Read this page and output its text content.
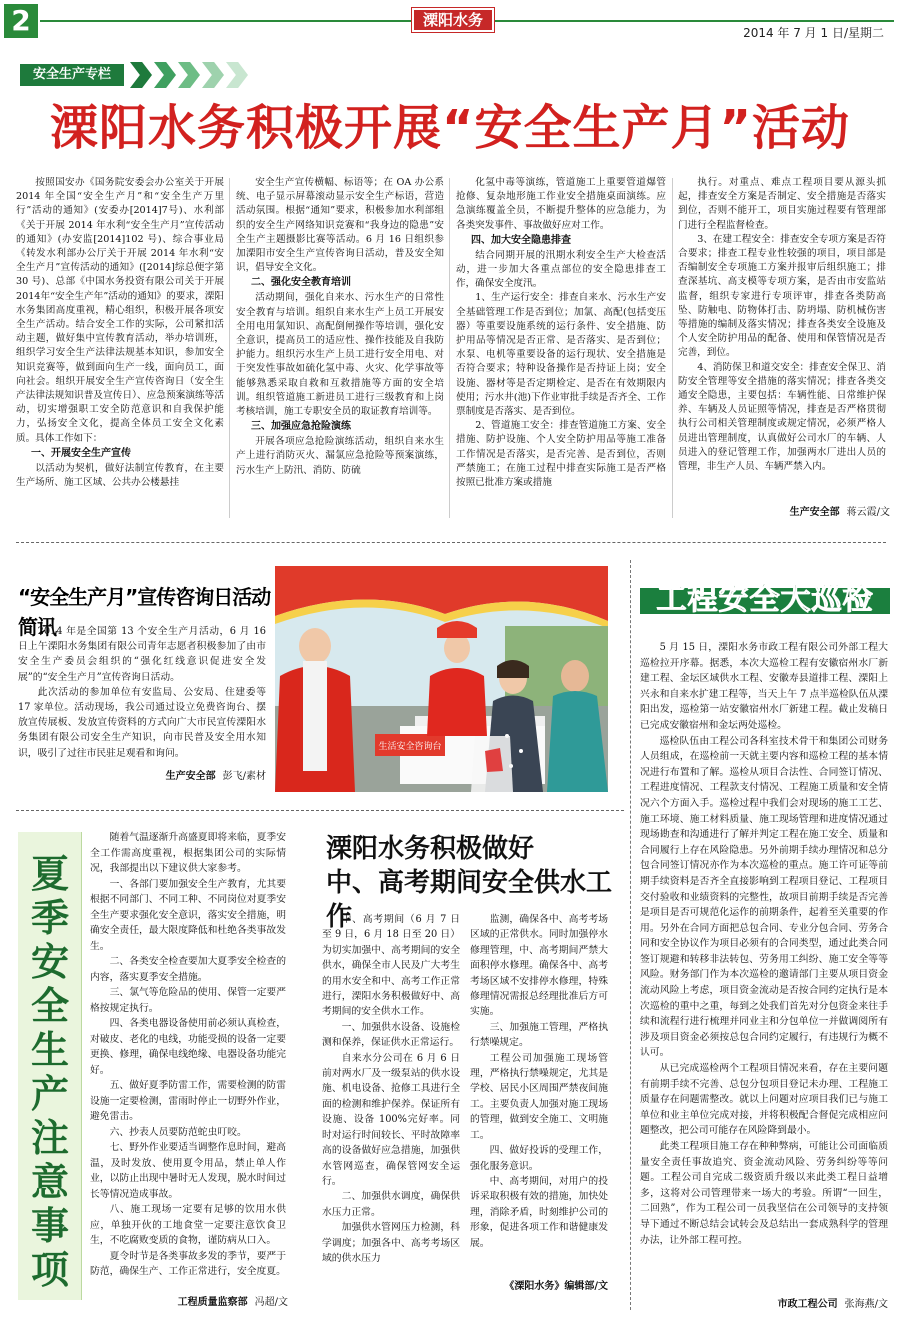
2	溧阳水务
2014 年 7 月 1 日/星期二
安全生产专栏
溧阳水务积极开展“安全生产月”活动

按照国安办《国务院安委会办公室关于开展 2014 年全国“安全生产月”和“安全生产万里行”活动的通知》(安委办[2014]7号)、水利部《关于开展 2014 年水利“安全生产月”宣传活动的通知》(办安监[2014]102 号)、综合事业局《转发水利部办公厅关于开展 2014 年水利“安全生产月”宣传活动的通知》([2014]综总便字第 30 号)、总部《中国水务投资有限公司关于开展 2014年“安全生产年”活动的通知》的要求，溧阳水务集团高度重视，精心组织，积极开展各项安全生产活动。结合安全工作的实际，公司紧扣活动主题，做好集中宣传教育活动，举办培训班，组织学习安全生产法律法规基本知识，参加安全知识竞赛等，做到面向生产一线，面向员工，面向社会。组织开展安全生产宣传咨询日（安全生产法律法规知识普及宣传日）、应急预案演练等活动，切实增强职工安全防范意识和自我保护能力，弘扬安全文化，提高全体员工安全文化素质。具体工作如下：

一、开展安全生产宣传

以活动为契机，做好法制宣传教育，在主要生产场所、施工区域、公共办公楼悬挂

安全生产宣传横幅、标语等；在 OA 办公系统、电子显示屏幕滚动显示安全生产标语，营造活动氛围。根据“通知”要求，积极参加水利部组织的安全生产网络知识竞赛和“我身边的隐患”安全生产主题摄影比赛等活动。6 月 16 日组织参加溧阳市安全生产宣传咨询日活动，普及安全知识，倡导安全文化。

二、强化安全教育培训

活动期间，强化自来水、污水生产的日常性安全教育与培训。组织自来水生产上员工开展安全用电用氯知识、高配倒闸操作等培训，强化安全意识，提高员工的适应性、操作技能及自我防护能力。组织污水生产上员工进行安全用电、对于突发性事故如硫化氢中毒、火灾、化学事故等能够熟悉采取自救和互救措施等方面的安全培训。组织管道施工新进员工进行三级教育和上岗考核培训，施工专职安全员的取证教育培训等。

三、加强应急抢险演练

开展各项应急抢险演练活动，组织自来水生产上进行消防灭火、漏氯应急抢险等预案演练，污水生产上防汛、消防、防硫

化氢中毒等演练，管道施工上重要管道爆管抢修、复杂地形施工作业安全措施桌面演练。应急演练覆盖全员，不断提升整体的应急能力，为各类突发事件、事故做好应对工作。

四、加大安全隐患排查

结合同期开展的汛期水利安全生产大检查活动，进一步加大各重点部位的安全隐患排查工作，确保安全度汛。

1、生产运行安全：排查自来水、污水生产安全基础管理工作是否到位；加氯、高配(包括变压器）等重要设施系统的运行条件、安全措施、防护用品等情况是否正常、是否落实、是否到位；水泵、电机等重要设备的运行现状、安全措施是否符合要求；特种设备操作是否持证上岗；安全设施、器材等是否定期检定、是否在有效期限内使用；污水井(池)下作业审批手续是否齐全、工作票制度是否落实、是否到位。

2、管道施工安全：排查管道施工方案、安全措施、防护设施、个人安全防护用品等施工准备工作情况是否落实，是否完善、是否到位，否则严禁施工；在施工过程中排查实际施工是否严格按照已批准方案或措施

执行。对重点、难点工程项目要从源头抓起，排查安全方案是否制定、安全措施是否落实到位，否则不能开工，项目实施过程要有管理部门进行全程监督检查。

3、在建工程安全：排查安全专项方案是否符合要求；排查工程专业性较强的项目，项目部是否编制安全专项施工方案并报审后组织施工；排查深基坑、高支模等专项方案，是否由市安监站监督，组织专家进行专项评审，排查各类防高坠、防触电、防物体打击、防坍塌、防机械伤害等措施的编制及落实情况；排查各类安全设施及个人安全防护用品的配备、使用和保管情况是否完善，到位。

4、消防保卫和道交安全：排查安全保卫、消防安全管理等安全措施的落实情况；排查各类交通安全隐患，主要包括：车辆性能、日常维护保养、车辆及人员证照等情况，排查是否严格贯彻执行公司相关管理制度或规定情况，必须严格人员进出管理制度，认真做好公司水厂的车辆、人员进入的登记管理工作，加强两水厂进出人员的管理，非生产人员、车辆严禁入内。

生产安全部 蒋云霞/文
“安全生产月”宣传咨询日活动简讯

2014 年是全国第 13 个安全生产月活动，6 月 16 日上午溧阳水务集团有限公司青年志愿者积极参加了由市安全生产委员会组织的“强化红线意识促进安全发展”的“安全生产月”宣传咨询日活动。

此次活动的参加单位有安监局、公安局、住建委等 17 家单位。活动现场，我公司通过设立免费咨询台、摆放宣传展板、发放宣传资料的方式向广大市民宣传溧阳水务集团有限公司安全生产知识，向市民普及安全用水知识，吸引了过往市民驻足观看和询问。

生产安全部 彭飞/素材
生活安全咨询台
工程安全大巡检

5 月 15 日，溧阳水务市政工程有限公司外部工程大巡检拉开序幕。据悉，本次大巡检工程有安徽宿州水厂新建工程、金坛区域供水工程、安徽寿县道排工程、溧阳上兴永和自来水扩建工程等，当天上午 7 点半巡检队伍从溧阳出发，巡检第一站安徽宿州水厂新建工程。截止发稿日已完成安徽宿州和金坛两处巡检。

巡检队伍由工程公司各科室技术骨干和集团公司财务人员组成，在巡检前一天就主要内容和巡检工程的基本情况进行布置和了解。巡检从项目合法性、合同签订情况、工程进度情况、工程款支付情况、工程施工质量和安全情况六个方面入手。巡检过程中我们会对现场的施工工艺、施工环境、施工材料质量、施工现场管理和进度情况通过现场勘查和沟通进行了解并判定工程在施工安全、质量和合同履行上存在风险隐患。另外前期手续办理情况和总分包合同签订情况亦作为本次巡检的重点。施工许可证等前期手续资料是否齐全直接影响到工程项目登记、工程项目交付验收和业绩资料的完整性，故项目前期手续是否完善是项目是否可规范化运作的前期条件，起着至关重要的作用。另外在合同方面把总包合同、专业分包合同、劳务合同和安全协议作为项目必须有的合同类型，通过此类合同签订规避和转移非法转包、劳务用工纠纷、施工安全等等风险。财务部门作为本次巡检的邀请部门主要从项目资金流动风险上考虑，项目资金流动是否按合同约定执行是本次巡检的重中之重，每到之处我们首先对分包资金来往手续和流程行进行梳理并同业主和分包单位一并做调阅所有涉及项目资金必须按总包合同约定履行，有违规行为概不认可。

从已完成巡检两个工程项目情况来看，存在主要问题有前期手续不完善、总包分包项目登记未办理、工程施工质量存在问题需整改。就以上问题对应项目我们已与施工单位和业主单位完成对接，并将积极配合督促完成相应问题整改，把公司可能存在风险降到最小。

此类工程项目施工存在种种弊病，可能让公司面临质量安全责任事故追究、资金流动风险、劳务纠纷等等问题。工程公司自完成二级资质升级以来此类工程日益增多，这将对公司管理带来一场大的考验。所谓“一回生，二回熟”，作为工程公司一员我坚信在公司领导的支持领导下通过不断总结会试转会及总结出一套成熟科学的管理办法，让外部工程可控。

市政工程公司 张海燕/文
夏
季
安
全
生
产
注
意
事
项

随着气温逐渐升高盛夏即将来临，夏季安全工作需高度重视，根据集团公司的实际情况，我部提出以下建议供大家参考。

一、各部门要加强安全生产教育，尤其要根据不同部门、不同工种、不同岗位对夏季安全生产要求强化安全意识，落实安全措施，明确安全责任，最大限度降低和杜绝各类事故发生。

二、各类安全检查要加大夏季安全检查的内容，落实夏季安全措施。

三、氯气等危险品的使用、保管一定要严格按规定执行。

四、各类电器设备使用前必须认真检查，对破皮、老化的电线，功能受损的设备一定要更换、修理，确保电线绝缘、电器设备功能完好。

五、做好夏季防雷工作，需要检测的防雷设施一定要检测，雷雨时停止一切野外作业，避免雷击。

六、抄表人员要防范蛇虫叮咬。

七、野外作业要适当调整作息时间，避高温，及时发放、使用夏令用品，禁止单人作业，以防止出现中暑时无人发现，脱水时间过长等情况造成事故。

八、施工现场一定要有足够的饮用水供应，单独开伙的工地食堂一定要注意饮食卫生，不吃腐败变质的食物，谨防病从口入。

夏令时节是各类事故多发的季节，要严于防范，确保生产、工作正常进行，安全度夏。

工程质量监察部 冯超/文
溧阳水务积极做好
中、高考期间安全供水工作

中、高考期间（6 月 7 日至 9 日，6 月 18 日至 20 日）为切实加强中、高考期间的安全供水，确保全市人民及广大考生的用水安全和中、高考工作正常进行，溧阳水务积极做好中、高考期间的安全供水工作。

一、加强供水设备、设施检测和保养，保证供水正常运行。

自来水分公司在 6 月 6 日前对两水厂及一级泵站的供水设施、机电设备、抢修工具进行全面的检测和维护保养。保证所有设施、设备 100%完好率。同时对运行时间较长、平时故障率高的设备做好应急措施，加强供水管网巡查，确保管网安全运行。

二、加强供水调度，确保供水压力正常。

加强供水管网压力检测，科学调度；加强各中、高考考场区域的供水压力

监测，确保各中、高考考场区域的正常供水。同时加强停水修理管理，中、高考期间严禁大面积停水修理。确保各中、高考考场区域不安排停水修理，特殊修理情况需报总经理批准后方可实施。

三、加强施工管理，严格执行禁噪规定。

工程公司加强施工现场管理，严格执行禁噪规定，尤其是学校、居民小区周围严禁夜间施工。主要负责人加强对施工现场的管理，做到安全施工、文明施工。

四、做好投诉的受理工作，强化服务意识。

中、高考期间，对用户的投诉采取积极有效的措施，加快处理，消除矛盾，时刻维护公司的形象，促进各项工作和谐健康发展。

《溧阳水务》编辑部/文
